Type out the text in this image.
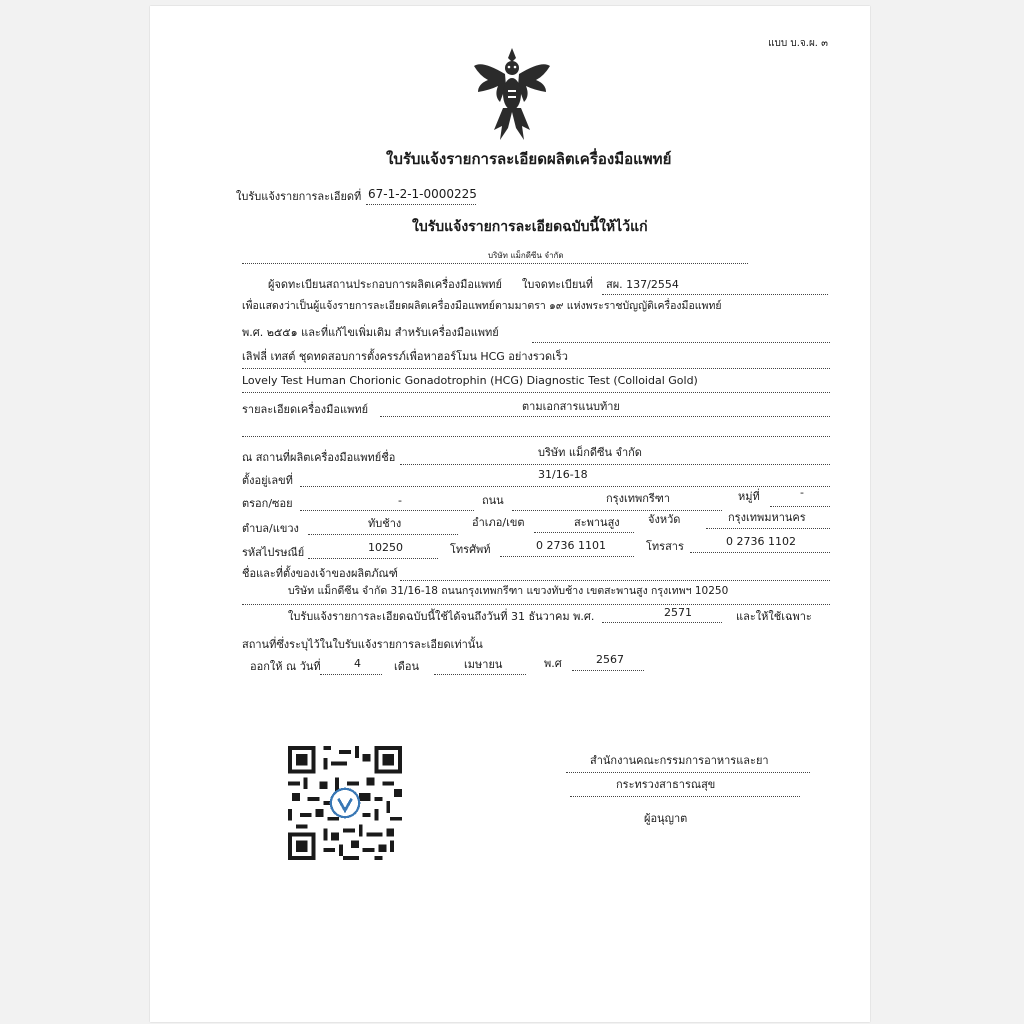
แบบ บ.จ.ผ. ๓
ใบรับแจ้งรายการละเอียดผลิตเครื่องมือแพทย์
ใบรับแจ้งรายการละเอียดที่ 67-1-2-1-0000225
ใบรับแจ้งรายการละเอียดฉบับนี้ให้ไว้แก่
บริษัท แม็กดีซีน จำกัด
ผู้จดทะเบียนสถานประกอบการผลิตเครื่องมือแพทย์ ใบจดทะเบียนที่ สผ. 137/2554
เพื่อแสดงว่าเป็นผู้แจ้งรายการละเอียดผลิตเครื่องมือแพทย์ตามมาตรา ๑๙ แห่งพระราชบัญญัติเครื่องมือแพทย์
พ.ศ. ๒๕๕๑ และที่แก้ไขเพิ่มเติม สำหรับเครื่องมือแพทย์
เลิฟลี่ เทสต์ ชุดทดสอบการตั้งครรภ์เพื่อหาฮอร์โมน HCG อย่างรวดเร็ว
Lovely Test Human Chorionic Gonadotrophin (HCG) Diagnostic Test (Colloidal Gold)
รายละเอียดเครื่องมือแพทย์	ตามเอกสารแนบท้าย
ณ สถานที่ผลิตเครื่องมือแพทย์ชื่อ	บริษัท แม็กดีซีน จำกัด
ตั้งอยู่เลขที่	31/16-18
ตรอก/ซอย	-	ถนน	กรุงเทพกรีฑา	หมู่ที่	-
ตำบล/แขวง	ทับช้าง	อำเภอ/เขต	สะพานสูง	จังหวัด	กรุงเทพมหานคร
รหัสไปรษณีย์	10250	โทรศัพท์	0 2736 1101	โทรสาร	0 2736 1102
ชื่อและที่ตั้งของเจ้าของผลิตภัณฑ์
บริษัท แม็กดีซีน จำกัด 31/16-18 ถนนกรุงเทพกรีฑา แขวงทับช้าง เขตสะพานสูง กรุงเทพฯ 10250
ใบรับแจ้งรายการละเอียดฉบับนี้ใช้ได้จนถึงวันที่ 31 ธันวาคม พ.ศ.	2571	และให้ใช้เฉพาะ
สถานที่ซึ่งระบุไว้ในใบรับแจ้งรายการละเอียดเท่านั้น
ออกให้ ณ วันที่	4	เดือน	เมษายน	พ.ศ	2567
สำนักงานคณะกรรมการอาหารและยา
กระทรวงสาธารณสุข
ผู้อนุญาต
